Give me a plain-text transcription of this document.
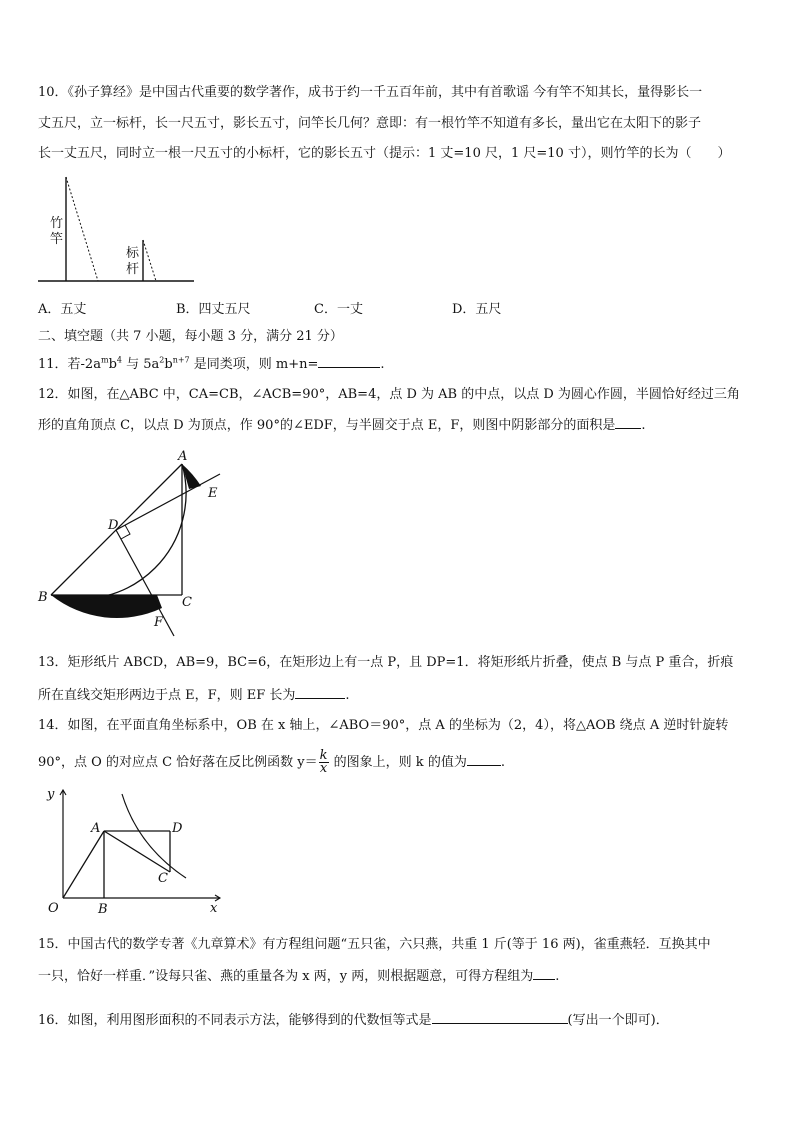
10．《孙子算经》是中国古代重要的数学著作，成书于约一千五百年前，其中有首歌谣 今有竿不知其长，量得影长一
丈五尺，立一标杆，长一尺五寸，影长五寸，问竿长几何？意即：有一根竹竿不知道有多长，量出它在太阳下的影子
长一丈五尺，同时立一根一尺五寸的小标杆，它的影长五寸（提示：1 丈=10 尺，1 尺=10 寸），则竹竿的长为（　　）
竹竿
标杆
A．五丈	B．四丈五尺	C．一丈	D．五尺
二、填空题（共 7 小题，每小题 3 分，满分 21 分）
11．若$-2a^mb^4$ 与 $5a^2b^{n+7}$ 是同类项，则 m+n=	.
12．如图，在△ABC 中，CA=CB，∠ACB=90°，AB=4，点 D 为 AB 的中点，以点 D 为圆心作圆，半圆恰好经过三角
形的直角顶点 C，以点 D 为顶点，作 90°的∠EDF，与半圆交于点 E，F，则图中阴影部分的面积是 .
A
E
D
B	C
F
13．矩形纸片 ABCD，AB=9，BC=6，在矩形边上有一点 P，且 DP=1．将矩形纸片折叠，使点 B 与点 P 重合，折痕
所在直线交矩形两边于点 E，F，则 EF 长为	.
14．如图，在平面直角坐标系中，OB 在 x 轴上，∠ABO＝90°，点 A 的坐标为（2，4），将△AOB 绕点 A 逆时针旋转
90°，点 O 的对应点 C 恰好落在反比例函数 $y= \frac{k}{x}$ 的图象上，则 k 的值为	.
y
x
O	B
A	D
C
15．中国古代的数学专著《九章算术》有方程组问题“五只雀，六只燕，共重 1 斤(等于 16 两)，雀重燕轻．互换其中
一只，恰好一样重．”设每只雀、燕的重量各为 x 两，y 两，则根据题意，可得方程组为 .
16．如图，利用图形面积的不同表示方法，能够得到的代数恒等式是	(写出一个即可)．
